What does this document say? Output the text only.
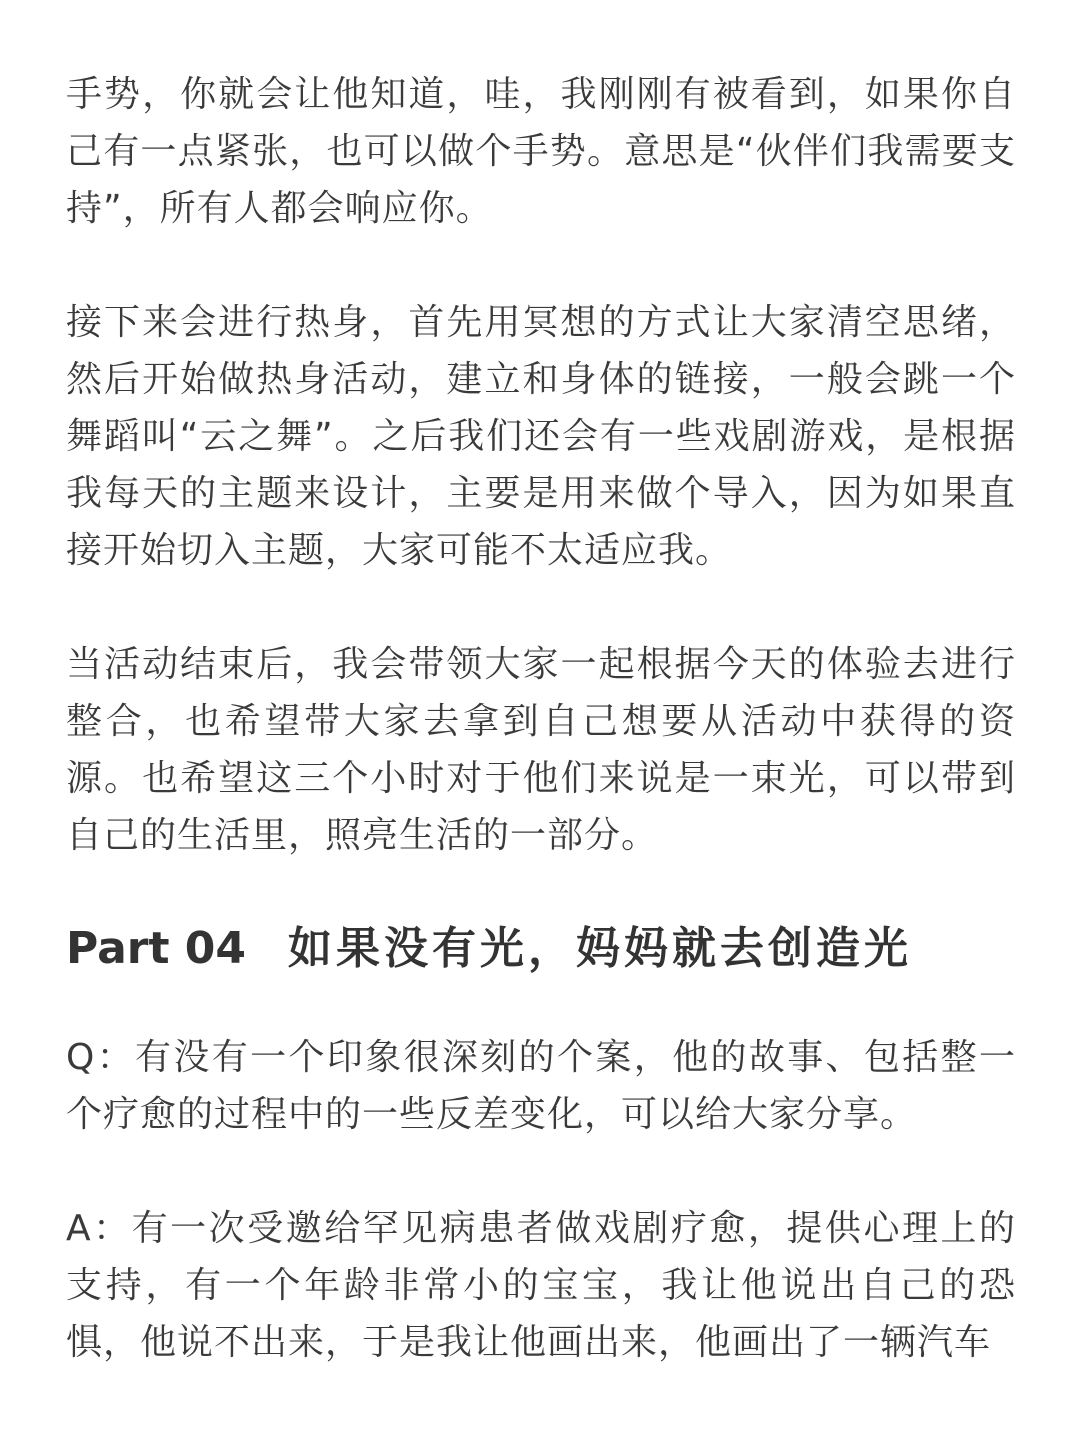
手势，你就会让他知道，哇，我刚刚有被看到，如果你自己有一点紧张，也可以做个手势。意思是“伙伴们我需要支持”，所有人都会响应你。

接下来会进行热身，首先用冥想的方式让大家清空思绪，然后开始做热身活动，建立和身体的链接，一般会跳一个舞蹈叫“云之舞”。之后我们还会有一些戏剧游戏，是根据我每天的主题来设计，主要是用来做个导入，因为如果直接开始切入主题，大家可能不太适应我。

当活动结束后，我会带领大家一起根据今天的体验去进行整合，也希望带大家去拿到自己想要从活动中获得的资源。也希望这三个小时对于他们来说是一束光，可以带到自己的生活里，照亮生活的一部分。

Part 04 如果没有光，妈妈就去创造光

Q：有没有一个印象很深刻的个案，他的故事、包括整一个疗愈的过程中的一些反差变化，可以给大家分享。

A：有一次受邀给罕见病患者做戏剧疗愈，提供心理上的支持，有一个年龄非常小的宝宝，我让他说出自己的恐惧，他说不出来，于是我让他画出来，他画出了一辆汽车
